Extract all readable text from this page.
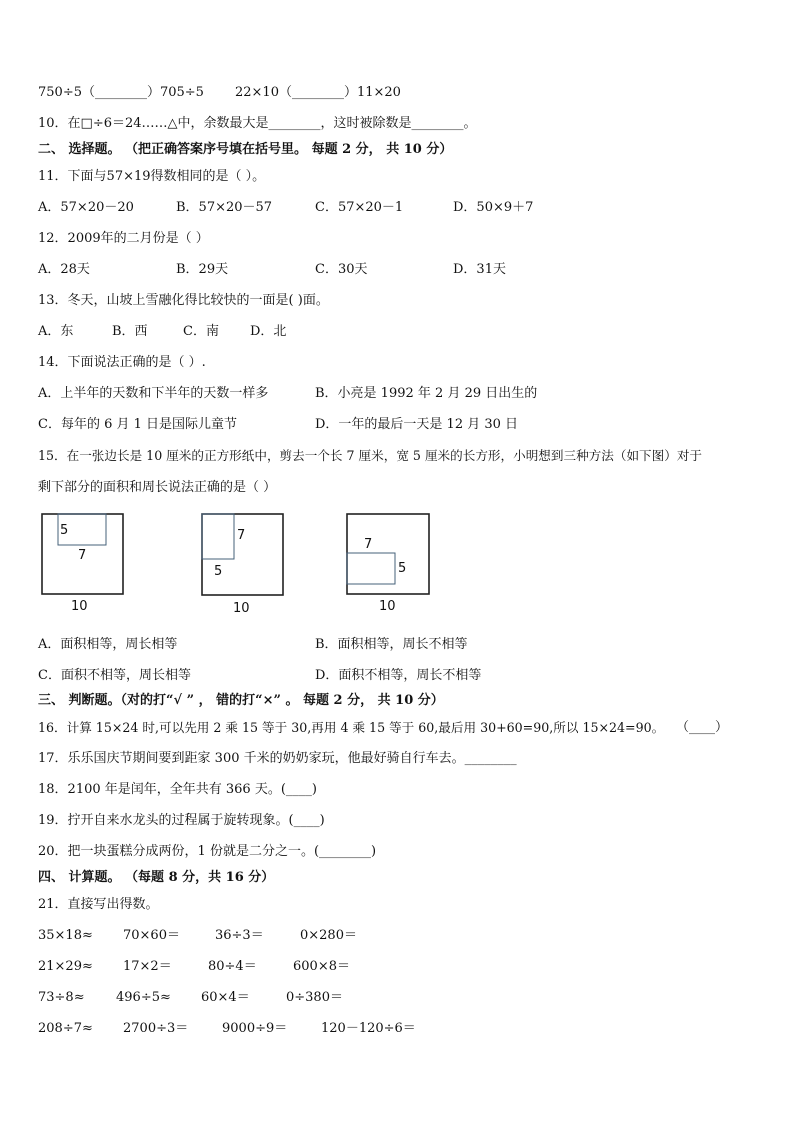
750÷5（________）705÷5 22×10（________）11×20
10．在□÷6＝24……△中，余数最大是________，这时被除数是________。
二、 选择题。 （把正确答案序号填在括号里。 每题 2 分， 共 10 分）
11．下面与57×19得数相同的是（ ）。
A．57×20－20	B．57×20－57	C．57×20－1	D．50×9＋7
12．2009年的二月份是（ ）
A．28天	B．29天	C．30天	D．31天
13．冬天，山坡上雪融化得比较快的一面是( )面。
A．东	B．西	C．南 D．北
14．下面说法正确的是（ ）.
A．上半年的天数和下半年的天数一样多	B．小亮是 1992 年 2 月 29 日出生的
C．每年的 6 月 1 日是国际儿童节	D．一年的最后一天是 12 月 30 日
15．在一张边长是 10 厘米的正方形纸中，剪去一个长 7 厘米，宽 5 厘米的长方形，小明想到三种方法（如下图）对于
剩下部分的面积和周长说法正确的是（ ）
5
7
10
7
5
10
7
5
10
A．面积相等，周长相等	B．面积相等，周长不相等
C．面积不相等，周长相等	D．面积不相等，周长不相等
三、 判断题。（对的打“√ ” ， 错的打“×” 。 每题 2 分， 共 10 分）
16．计算 15×24 时,可以先用 2 乘 15 等于 30,再用 4 乘 15 等于 60,最后用 30+60=90,所以 15×24=90。 （____）
17．乐乐国庆节期间要到距家 300 千米的奶奶家玩，他最好骑自行车去。________
18．2100 年是闰年，全年共有 366 天。(____)
19．拧开自来水龙头的过程属于旋转现象。(____)
20．把一块蛋糕分成两份，1 份就是二分之一。(________)
四、 计算题。 （每题 8 分，共 16 分）
21．直接写出得数。
35×18≈ 70×60＝	36÷3＝	0×280＝
21×29≈ 17×2＝	80÷4＝	600×8＝
73÷8≈ 496÷5≈ 60×4＝	0÷380＝
208÷7≈ 2700÷3＝	9000÷9＝	120－120÷6＝
